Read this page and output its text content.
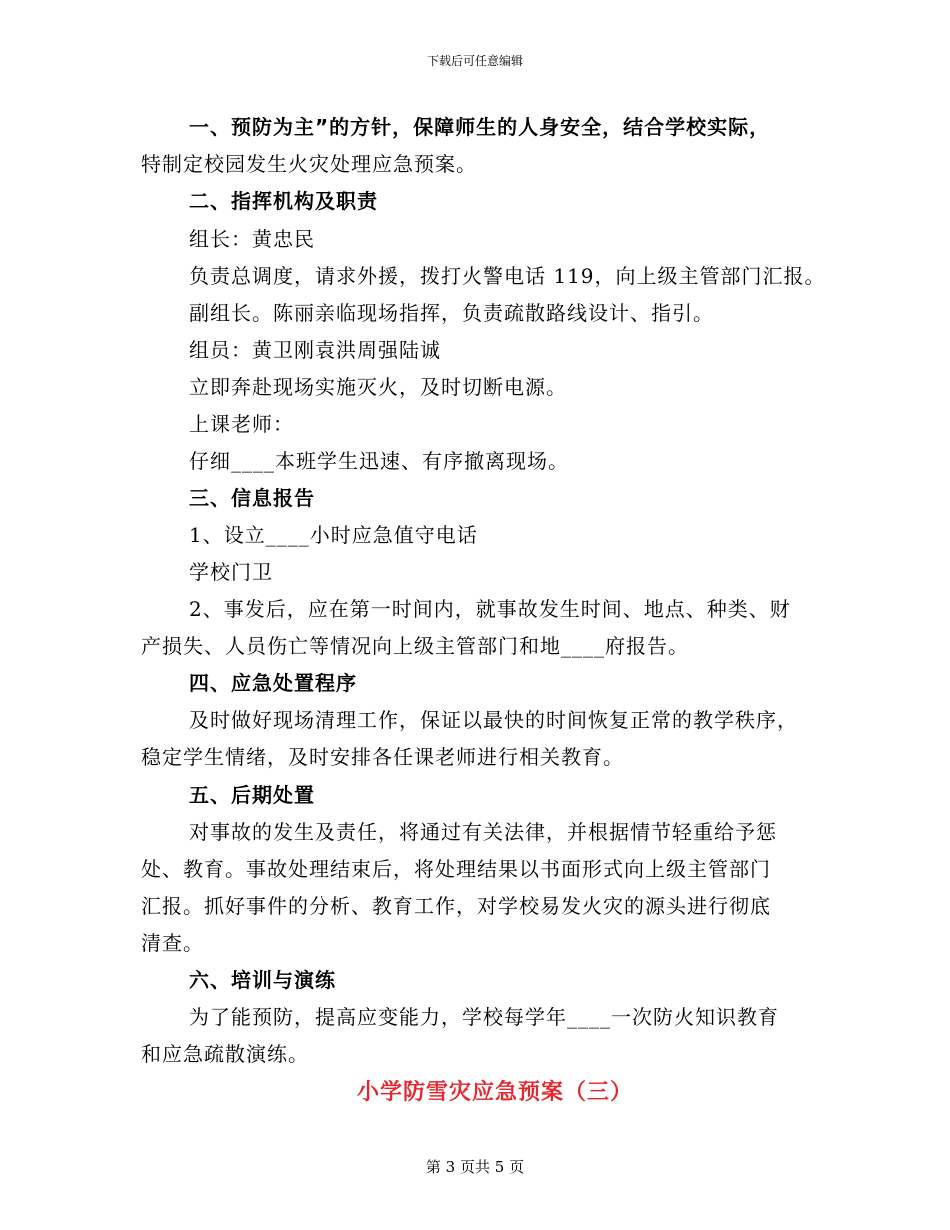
下载后可任意编辑
一、预防为主”的方针，保障师生的人身安全，结合学校实际，
特制定校园发生火灾处理应急预案。
二、指挥机构及职责
组长：黄忠民
负责总调度，请求外援，拨打火警电话 119，向上级主管部门汇报。
副组长。陈丽亲临现场指挥，负责疏散路线设计、指引。
组员：黄卫刚袁洪周强陆诚
立即奔赴现场实施灭火，及时切断电源。
上课老师：
仔细____本班学生迅速、有序撤离现场。
三、信息报告
1、设立____小时应急值守电话
学校门卫
2、事发后，应在第一时间内，就事故发生时间、地点、种类、财
产损失、人员伤亡等情况向上级主管部门和地____府报告。
四、应急处置程序
及时做好现场清理工作，保证以最快的时间恢复正常的教学秩序，
稳定学生情绪，及时安排各任课老师进行相关教育。
五、后期处置
对事故的发生及责任，将通过有关法律，并根据情节轻重给予惩
处、教育。事故处理结束后，将处理结果以书面形式向上级主管部门
汇报。抓好事件的分析、教育工作，对学校易发火灾的源头进行彻底
清查。
六、培训与演练
为了能预防，提高应变能力，学校每学年____一次防火知识教育
和应急疏散演练。
小学防雪灾应急预案（三）
第 3 页共 5 页
